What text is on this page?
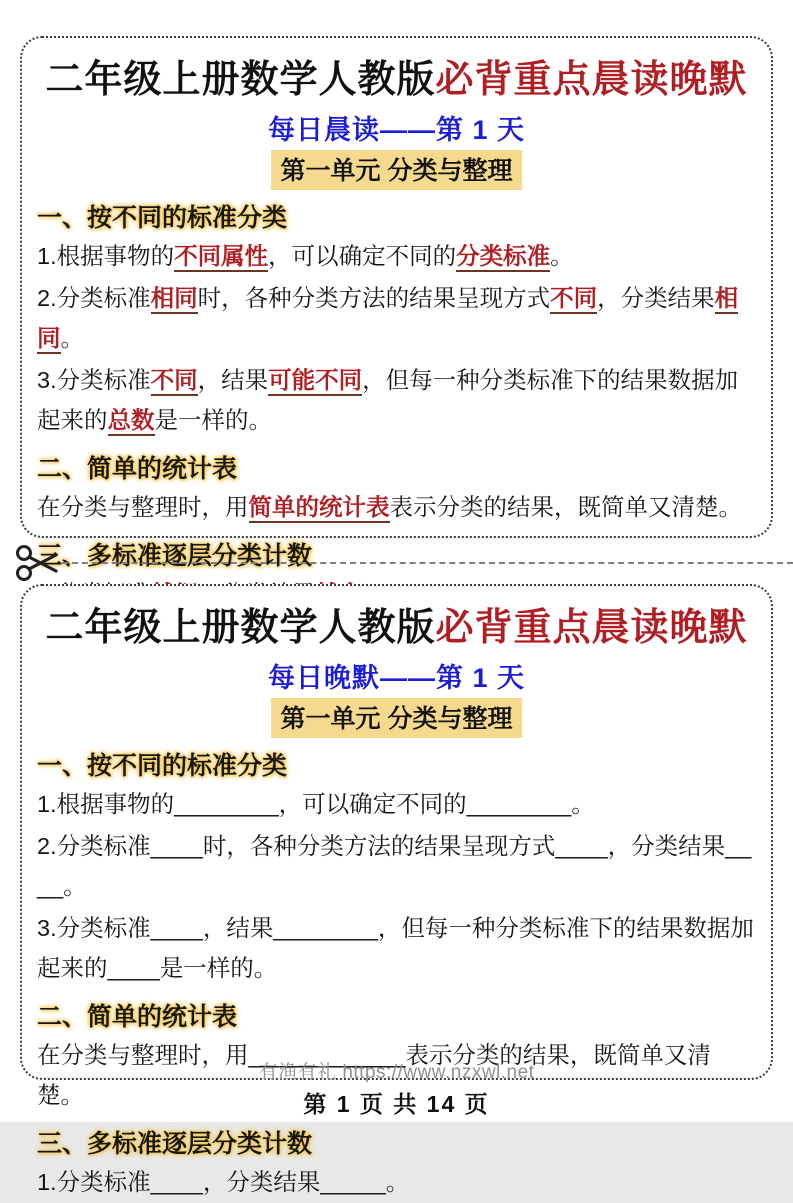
二年级上册数学人教版必背重点晨读晚默
每日晨读——第 1 天
第一单元 分类与整理
一、按不同的标准分类
1.根据事物的不同属性，可以确定不同的分类标准。
2.分类标准相同时，各种分类方法的结果呈现方式不同，分类结果相同。
3.分类标准不同，结果可能不同，但每一种分类标准下的结果数据加起来的总数是一样的。
二、简单的统计表
在分类与整理时，用简单的统计表表示分类的结果，既简单又清楚。
三、多标准逐层分类计数
二年级上册数学人教版必背重点晨读晚默
每日晚默——第 1 天
第一单元 分类与整理
一、按不同的标准分类
1.根据事物的________，可以确定不同的________。
2.分类标准____时，各种分类方法的结果呈现方式____，分类结果____。
3.分类标准____，结果________，但每一种分类标准下的结果数据加起来的____是一样的。
二、简单的统计表
在分类与整理时，用____________表示分类的结果，既简单又清楚。
三、多标准逐层分类计数
1.分类标准____，分类结果_____。
有渔有礼 https://www.nzxwl.net
第 1 页 共 14 页
